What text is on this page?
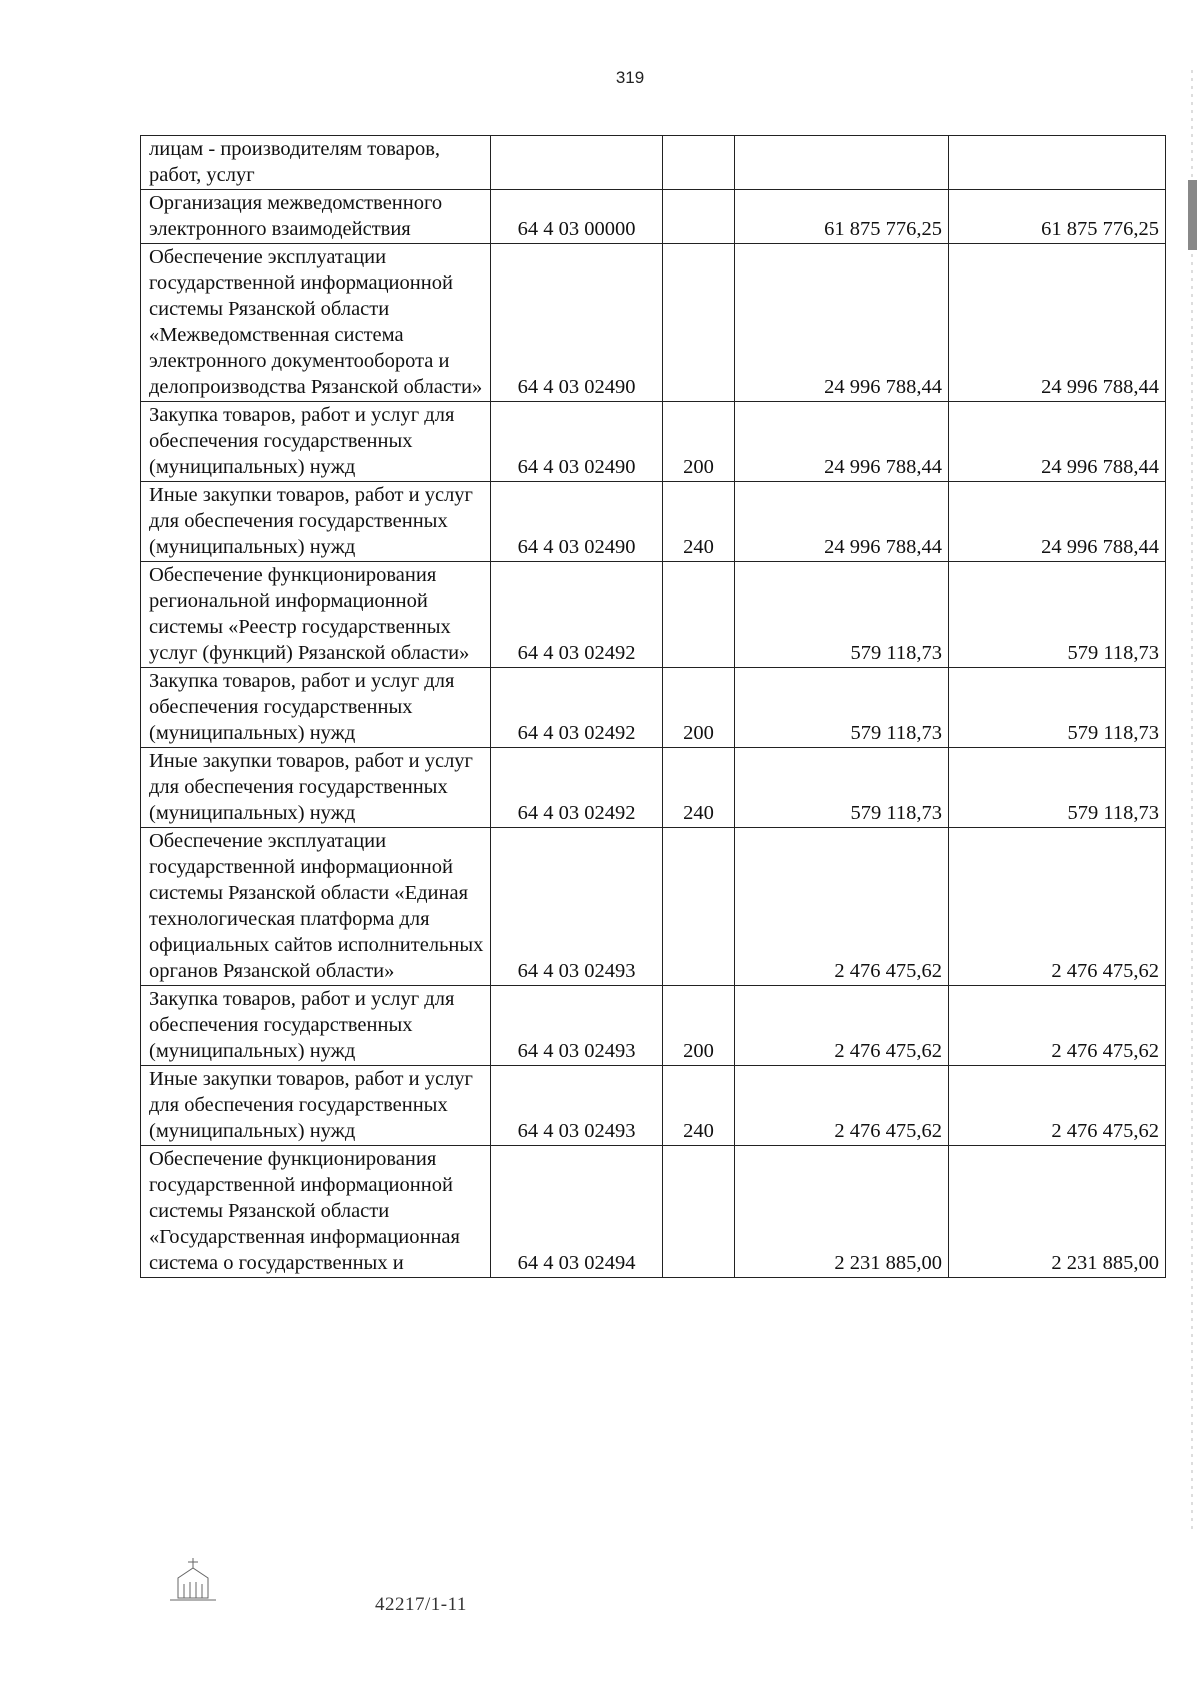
319
лицам - производителям товаров, работ, услуг				
Организация межведомственного электронного взаимодействия	64 4 03 00000		61 875 776,25	61 875 776,25
Обеспечение эксплуатации государственной информационной системы Рязанской области «Межведомственная система электронного документооборота и делопроизводства Рязанской области»	64 4 03 02490		24 996 788,44	24 996 788,44
Закупка товаров, работ и услуг для обеспечения государственных (муниципальных) нужд	64 4 03 02490	200	24 996 788,44	24 996 788,44
Иные закупки товаров, работ и услуг для обеспечения государственных (муниципальных) нужд	64 4 03 02490	240	24 996 788,44	24 996 788,44
Обеспечение функционирования региональной информационной системы «Реестр государственных услуг (функций) Рязанской области»	64 4 03 02492		579 118,73	579 118,73
Закупка товаров, работ и услуг для обеспечения государственных (муниципальных) нужд	64 4 03 02492	200	579 118,73	579 118,73
Иные закупки товаров, работ и услуг для обеспечения государственных (муниципальных) нужд	64 4 03 02492	240	579 118,73	579 118,73
Обеспечение эксплуатации государственной информационной системы Рязанской области «Единая технологическая платформа для официальных сайтов исполнительных органов Рязанской области»	64 4 03 02493		2 476 475,62	2 476 475,62
Закупка товаров, работ и услуг для обеспечения государственных (муниципальных) нужд	64 4 03 02493	200	2 476 475,62	2 476 475,62
Иные закупки товаров, работ и услуг для обеспечения государственных (муниципальных) нужд	64 4 03 02493	240	2 476 475,62	2 476 475,62
Обеспечение функционирования государственной информационной системы Рязанской области «Государственная информационная система о государственных и	64 4 03 02494		2 231 885,00	2 231 885,00
42217/1-11
